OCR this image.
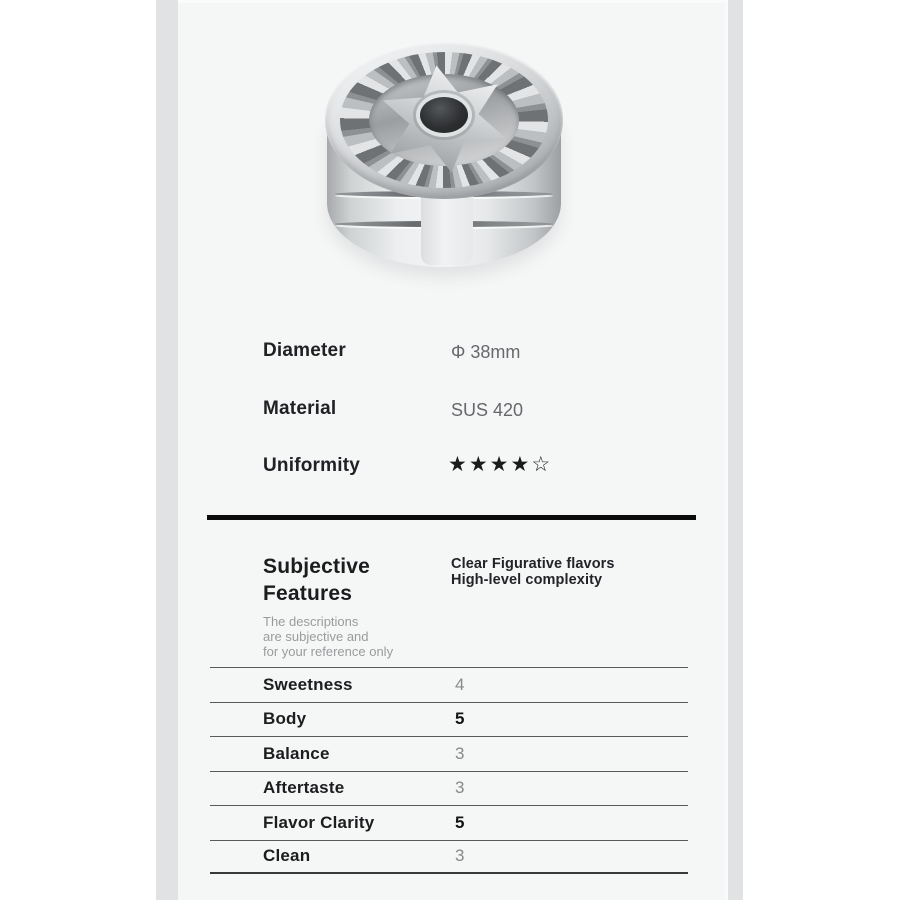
Diameter	Φ 38mm
Material	SUS 420
Uniformity	★★★★☆
Subjective
Features
The descriptions
are subjective and
for your reference only
Clear Figurative flavors
High-level complexity
Sweetness	4
Body	5
Balance	3
Aftertaste	3
Flavor Clarity	5
Clean	3
